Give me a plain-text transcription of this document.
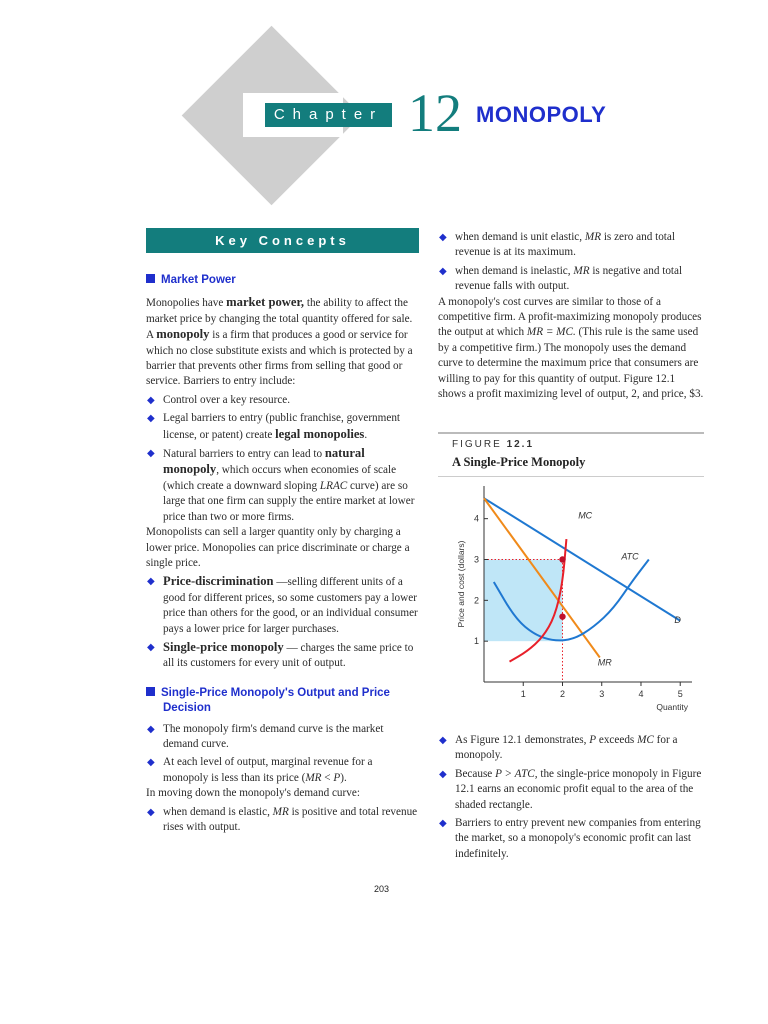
Chapter 12 MONOPOLY
Key Concepts
Market Power

Monopolies have market power, the ability to affect the market price by changing the total quantity offered for sale. A monopoly is a firm that produces a good or service for which no close substitute exists and which is protected by a barrier that prevents other firms from selling that good or service. Barriers to entry include:

◆ Control over a key resource.
◆ Legal barriers to entry (public franchise, government license, or patent) create legal monopolies.
◆ Natural barriers to entry can lead to natural monopoly, which occurs when economies of scale (which create a downward sloping LRAC curve) are so large that one firm can supply the entire market at lower price than two or more firms.

Monopolists can sell a larger quantity only by charging a lower price. Monopolies can price discriminate or charge a single price.

◆ Price-discrimination —selling different units of a good for different prices, so some customers pay a lower price than others for the good, or an individual consumer pays a lower price for larger purchases.
◆ Single-price monopoly — charges the same price to all its customers for every unit of output.
Single-Price Monopoly's Output and Price Decision
◆ The monopoly firm's demand curve is the market demand curve.
◆ At each level of output, marginal revenue for a monopoly is less than its price (MR < P).

In moving down the monopoly's demand curve:

◆ when demand is elastic, MR is positive and total revenue rises with output.
◆ when demand is unit elastic, MR is zero and total revenue is at its maximum.
◆ when demand is inelastic, MR is negative and total revenue falls with output.

A monopoly's cost curves are similar to those of a competitive firm. A profit-maximizing monopoly produces the output at which MR = MC. (This rule is the same used by a competitive firm.) The monopoly uses the demand curve to determine the maximum price that consumers are willing to pay for this quantity of output. Figure 12.1 shows a profit maximizing level of output, 2, and price, $3.

FIGURE 12.1
A Single-Price Monopoly
1	2	3	4	5
1
2
3
4
Quantity
Price and cost (dollars)	D
MR
ATC
MC
◆ As Figure 12.1 demonstrates, P exceeds MC for a monopoly.
◆ Because P > ATC, the single-price monopoly in Figure 12.1 earns an economic profit equal to the area of the shaded rectangle.
◆ Barriers to entry prevent new companies from entering the market, so a monopoly's economic profit can last indefinitely.
203
